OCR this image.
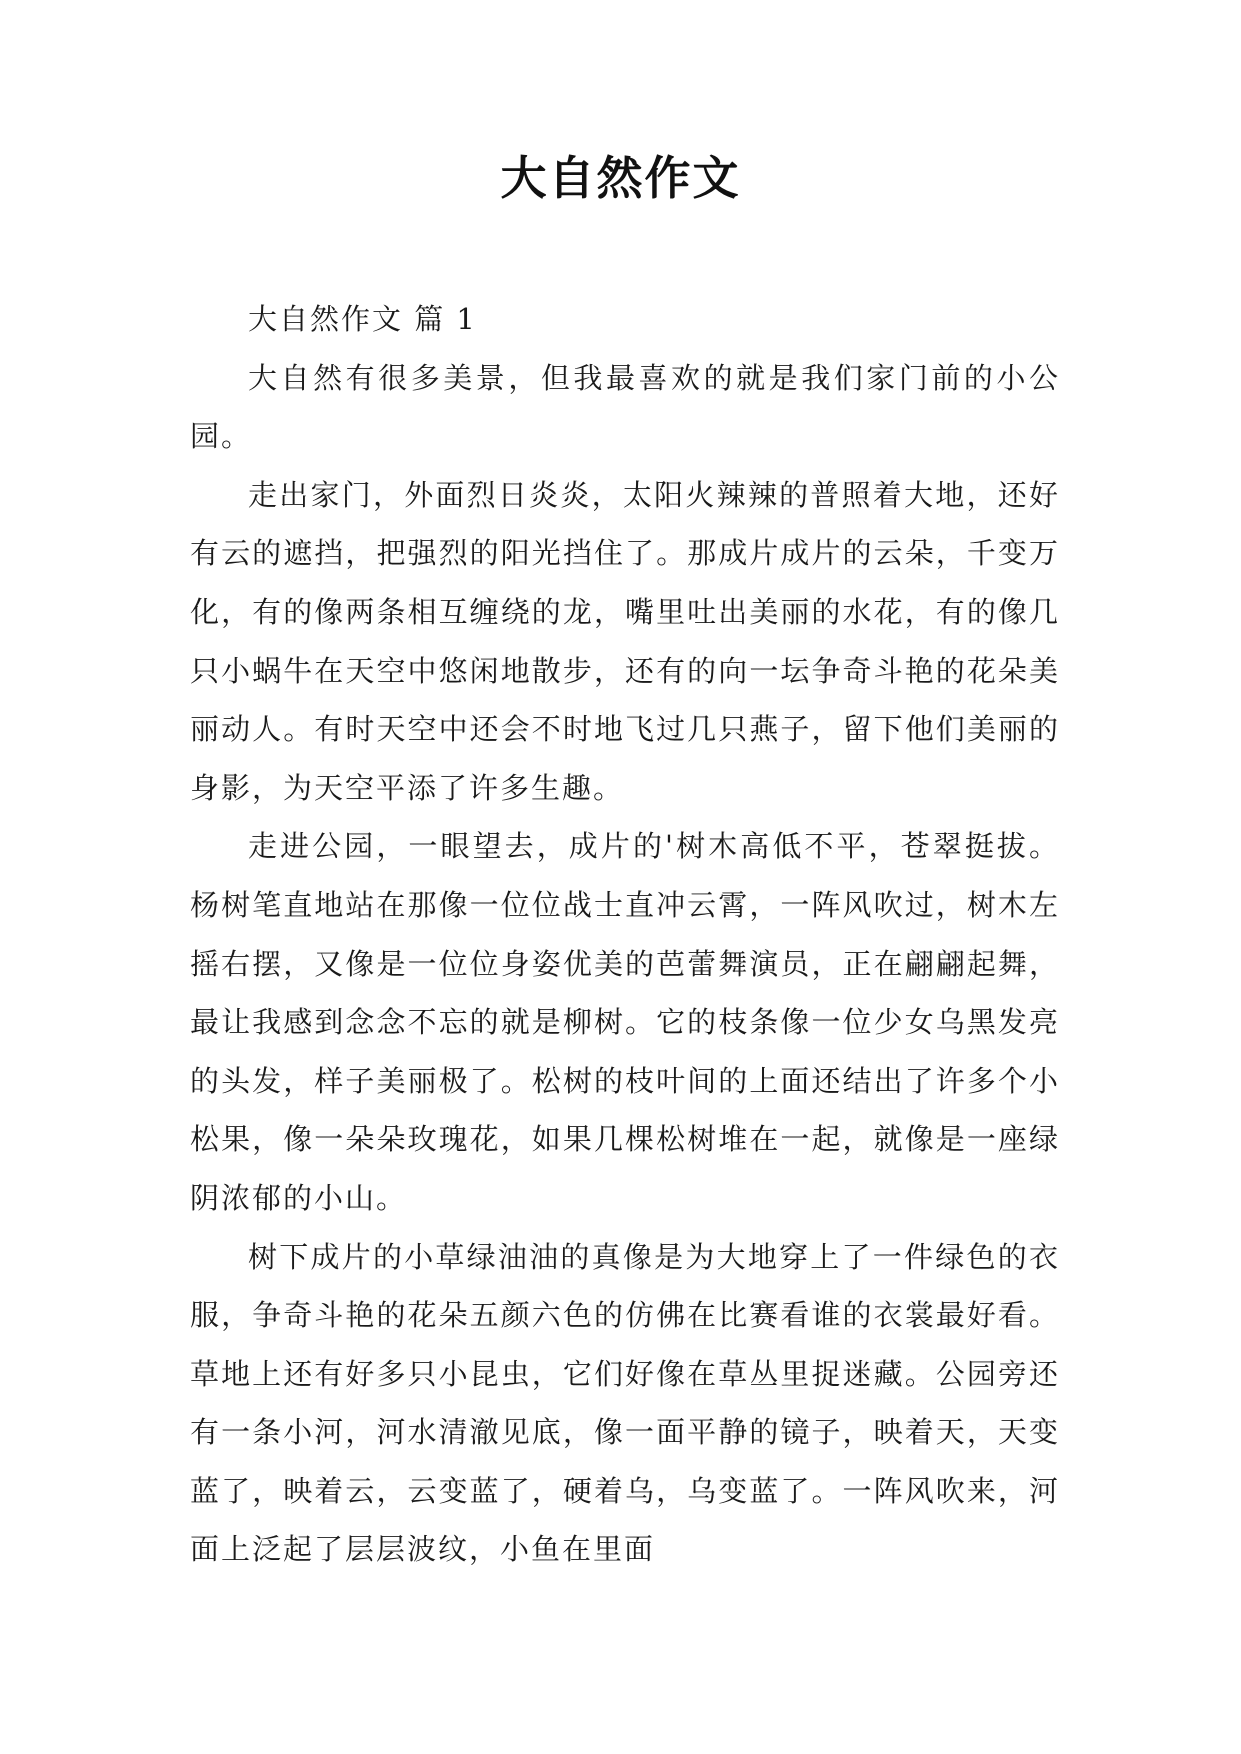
大自然作文

大自然作文 篇 1

大自然有很多美景，但我最喜欢的就是我们家门前的小公园。

走出家门，外面烈日炎炎，太阳火辣辣的普照着大地，还好有云的遮挡，把强烈的阳光挡住了。那成片成片的云朵，千变万化，有的像两条相互缠绕的龙，嘴里吐出美丽的水花，有的像几只小蜗牛在天空中悠闲地散步，还有的向一坛争奇斗艳的花朵美丽动人。有时天空中还会不时地飞过几只燕子，留下他们美丽的身影，为天空平添了许多生趣。

走进公园，一眼望去，成片的'树木高低不平，苍翠挺拔。杨树笔直地站在那像一位位战士直冲云霄，一阵风吹过，树木左摇右摆，又像是一位位身姿优美的芭蕾舞演员，正在翩翩起舞，最让我感到念念不忘的就是柳树。它的枝条像一位少女乌黑发亮的头发，样子美丽极了。松树的枝叶间的上面还结出了许多个小松果，像一朵朵玫瑰花，如果几棵松树堆在一起，就像是一座绿阴浓郁的小山。

树下成片的小草绿油油的真像是为大地穿上了一件绿色的衣服，争奇斗艳的花朵五颜六色的仿佛在比赛看谁的衣裳最好看。草地上还有好多只小昆虫，它们好像在草丛里捉迷藏。公园旁还有一条小河，河水清澈见底，像一面平静的镜子，映着天，天变蓝了，映着云，云变蓝了，硬着乌，乌变蓝了。一阵风吹来，河面上泛起了层层波纹，小鱼在里面
